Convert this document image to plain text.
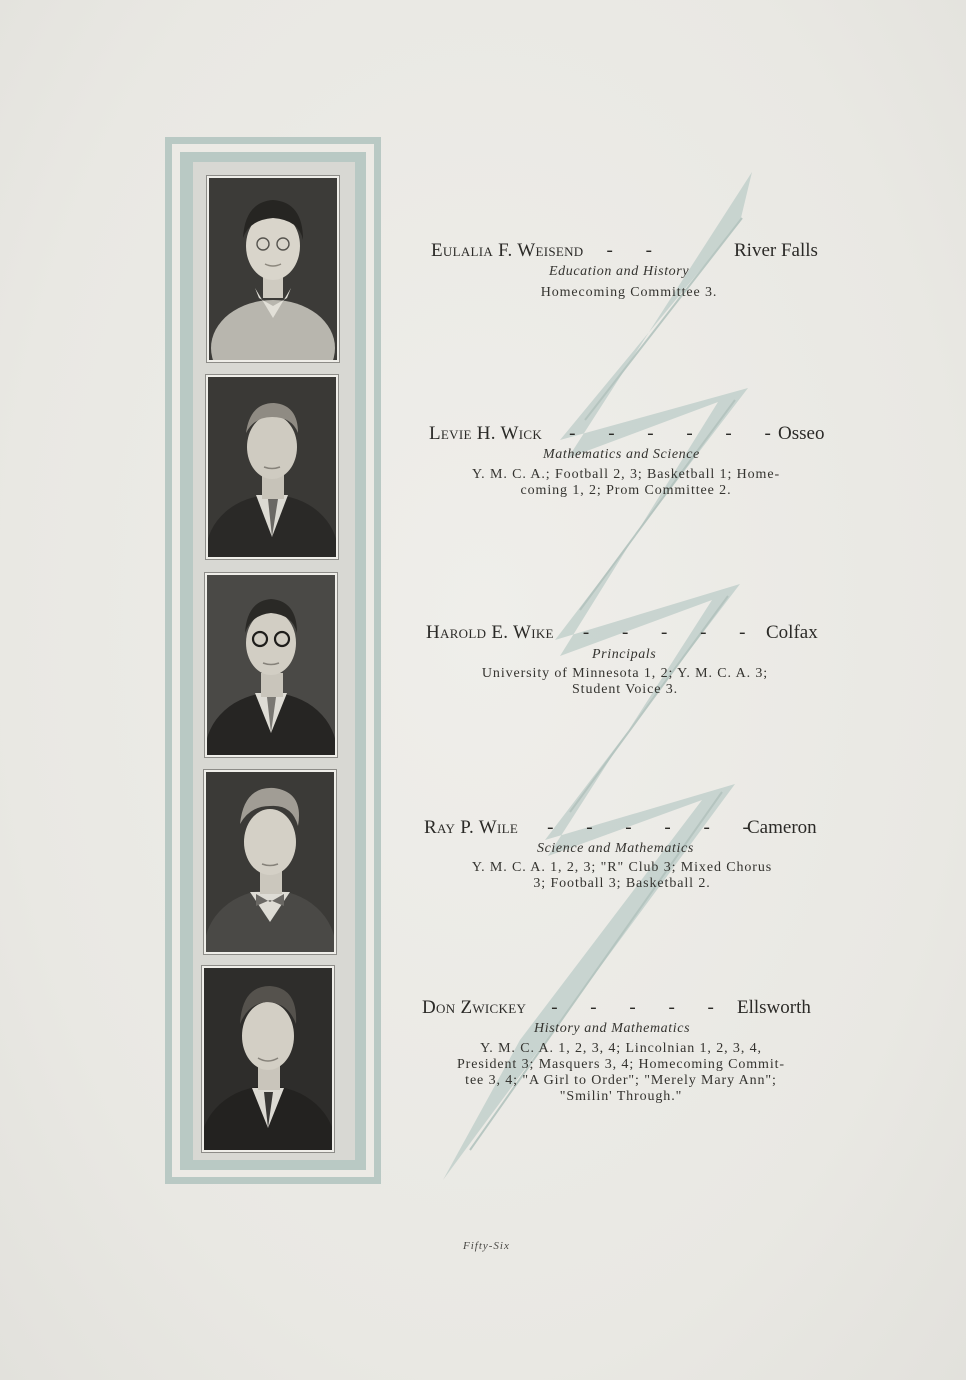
Eulalia F. Weisend - -	River Falls
Education and History
Homecoming Committee 3.
Levie H. Wick - - - - - -
Osseo
Mathematics and Science
Y. M. C. A.; Football 2, 3; Basketball 1; Home-
coming 1, 2; Prom Committee 2.
Harold E. Wike - - - - - Colfax
Principals
University of Minnesota 1, 2; Y. M. C. A. 3;
Student Voice 3.
Ray P. Wile - - - - - -
Cameron
Science and Mathematics
Y. M. C. A. 1, 2, 3; "R" Club 3; Mixed Chorus
3; Football 3; Basketball 2.
Don Zwickey - - - - - Ellsworth
History and Mathematics
Y. M. C. A. 1, 2, 3, 4; Lincolnian 1, 2, 3, 4,
President 3; Masquers 3, 4; Homecoming Commit-
tee 3, 4; "A Girl to Order"; "Merely Mary Ann";
"Smilin' Through."
Fifty-Six
